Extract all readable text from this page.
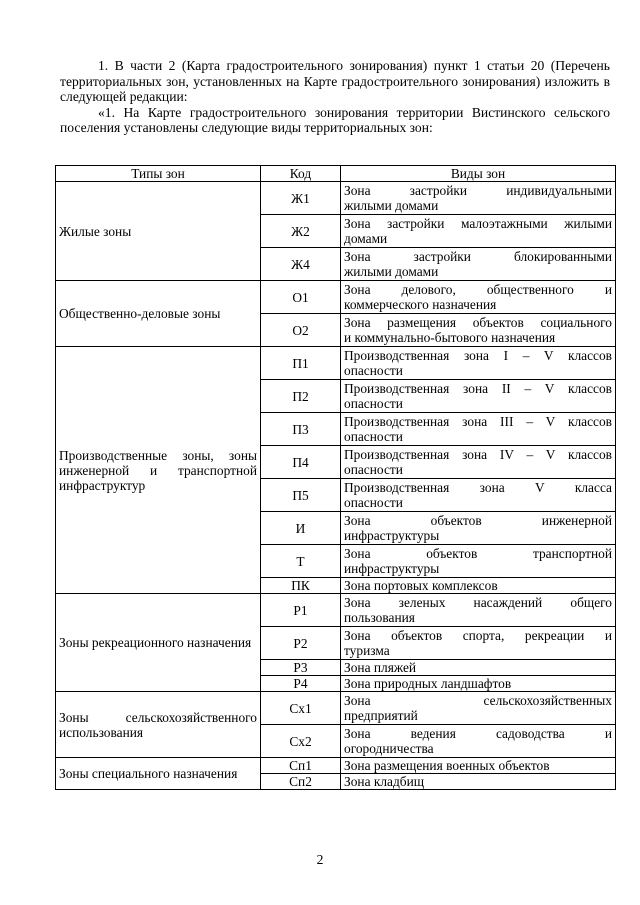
1. В части 2 (Карта градостроительного зонирования) пункт 1 статьи 20 (Перечень территориальных зон, установленных на Карте градостроительного зонирования) изложить в следующей редакции:

«1. На Карте градостроительного зонирования территории Вистинского сельского поселения установлены следующие виды территориальных зон:

Типы зон	Код	Виды зон
Жилые зоны	Ж1	Зона застройки индивидуальными
жилыми домами

	Ж2	Зона застройки малоэтажными жилыми
домами

	Ж4	Зона застройки блокированными
жилыми домами

Общественно-деловые зоны	О1	Зона делового, общественного и
коммерческого назначения

	О2	Зона размещения объектов социального
и коммунально-бытового назначения

Производственные зоны, зоны инженерной и транспортной инфраструктур	П1	Производственная зона I – V классов
опасности

	П2	Производственная зона II – V классов
опасности

	П3	Производственная зона III – V классов
опасности

	П4	Производственная зона IV – V классов
опасности

	П5	Производственная зона V класса
опасности

	И	Зона объектов инженерной
инфраструктуры

	Т	Зона объектов транспортной
инфраструктуры

	ПК	Зона портовых комплексов

Зоны рекреационного назначения	Р1	Зона зеленых насаждений общего
пользования

	Р2	Зона объектов спорта, рекреации и
туризма

	Р3	Зона пляжей

	Р4	Зона природных ландшафтов

Зоны сельскохозяйственного использования	Сх1	Зона сельскохозяйственных
предприятий

	Сх2	Зона ведения садоводства и
огородничества

Зоны специального назначения	Сп1	Зона размещения военных объектов

	Сп2	Зона кладбищ
2
